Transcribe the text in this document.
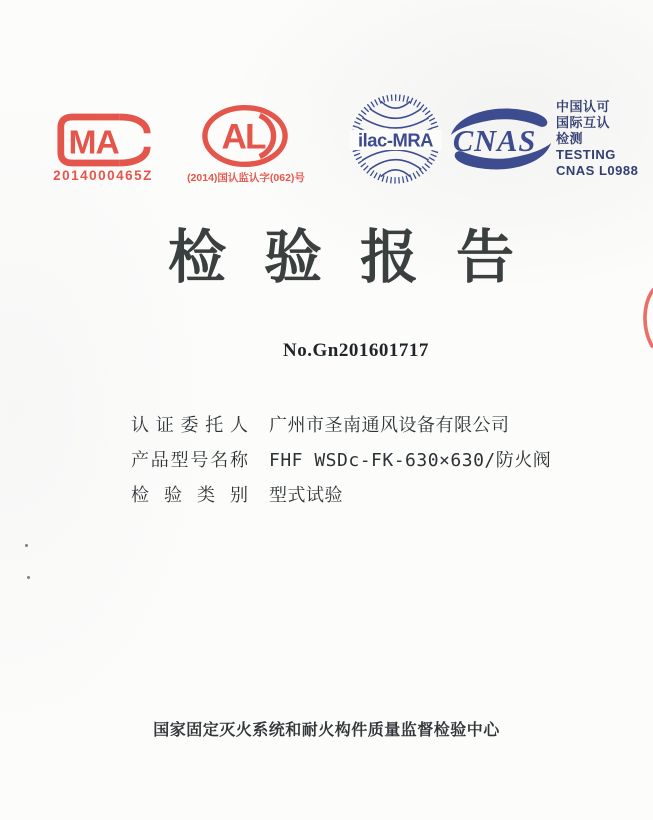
MA
2014000465Z
AL
(2014)国认监认字(062)号
ilac-MRA CNAS
中国认可
国际互认
检测
TESTING
CNAS L0988
检验报告
No.Gn201601717
认证委托人 广州市圣南通风设备有限公司
产品型号名称 FHF WSDc-FK-630×630/防火阀
检验类别 型式试验
国家固定灭火系统和耐火构件质量监督检验中心
